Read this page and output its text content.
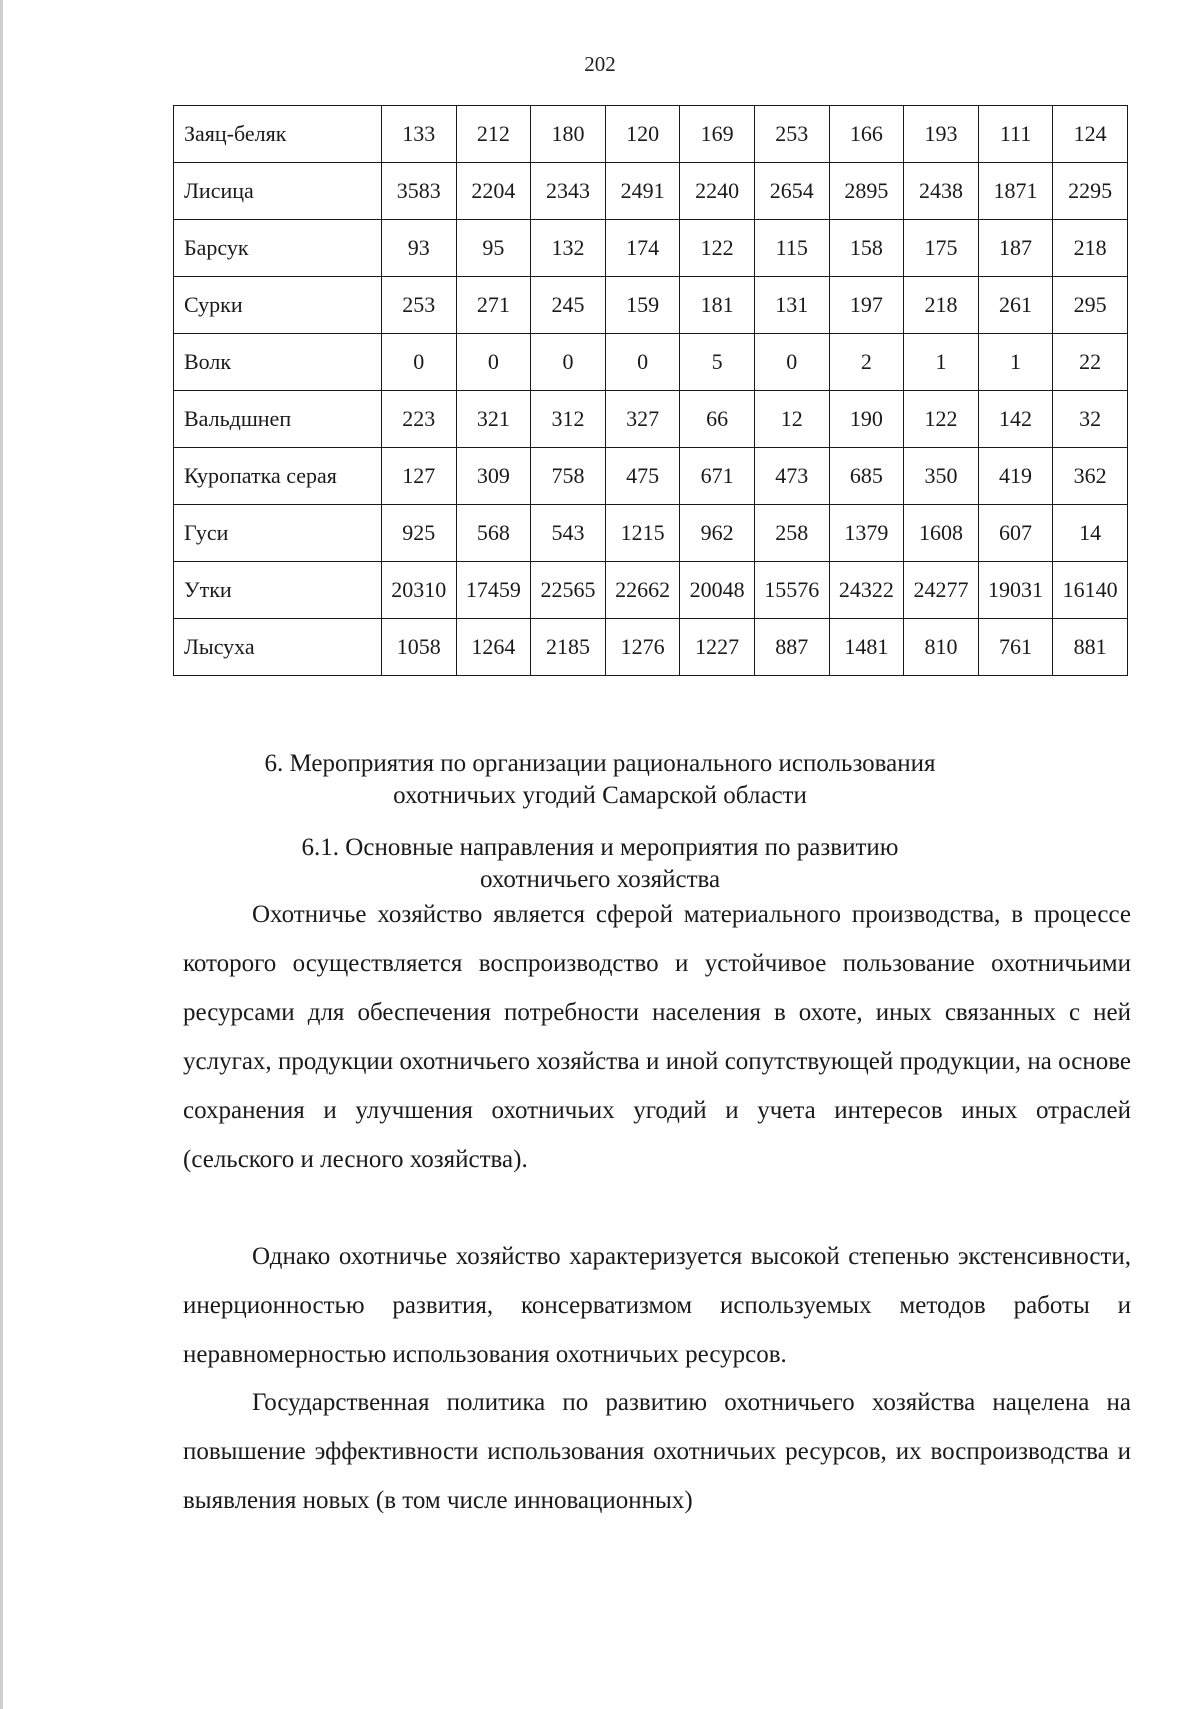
202
Заяц-беляк	133	212	180	120	169	253	166	193	111	124
Лисица	3583	2204	2343	2491	2240	2654	2895	2438	1871	2295
Барсук	93	95	132	174	122	115	158	175	187	218
Сурки	253	271	245	159	181	131	197	218	261	295
Волк	0	0	0	0	5	0	2	1	1	22
Вальдшнеп	223	321	312	327	66	12	190	122	142	32
Куропатка серая	127	309	758	475	671	473	685	350	419	362
Гуси	925	568	543	1215	962	258	1379	1608	607	14
Утки	20310	17459	22565	22662	20048	15576	24322	24277	19031	16140
Лысуха	1058	1264	2185	1276	1227	887	1481	810	761	881
6. Мероприятия по организации рационального использования
охотничьих угодий Самарской области
6.1. Основные направления и мероприятия по развитию
охотничьего хозяйства
Охотничье хозяйство является сферой материального производства, в процессе которого осуществляется воспроизводство и устойчивое пользование охотничьими ресурсами для обеспечения потребности населения в охоте, иных связанных с ней услугах, продукции охотничьего хозяйства и иной сопутствующей продукции, на основе сохранения и улучшения охотничьих угодий и учета интересов иных отраслей (сельского и лесного хозяйства).
Однако охотничье хозяйство характеризуется высокой степенью экстенсивности, инерционностью развития, консерватизмом используемых методов работы и неравномерностью использования охотничьих ресурсов.
Государственная политика по развитию охотничьего хозяйства нацелена на повышение эффективности использования охотничьих ресурсов, их воспроизводства и выявления новых (в том числе инновационных)
